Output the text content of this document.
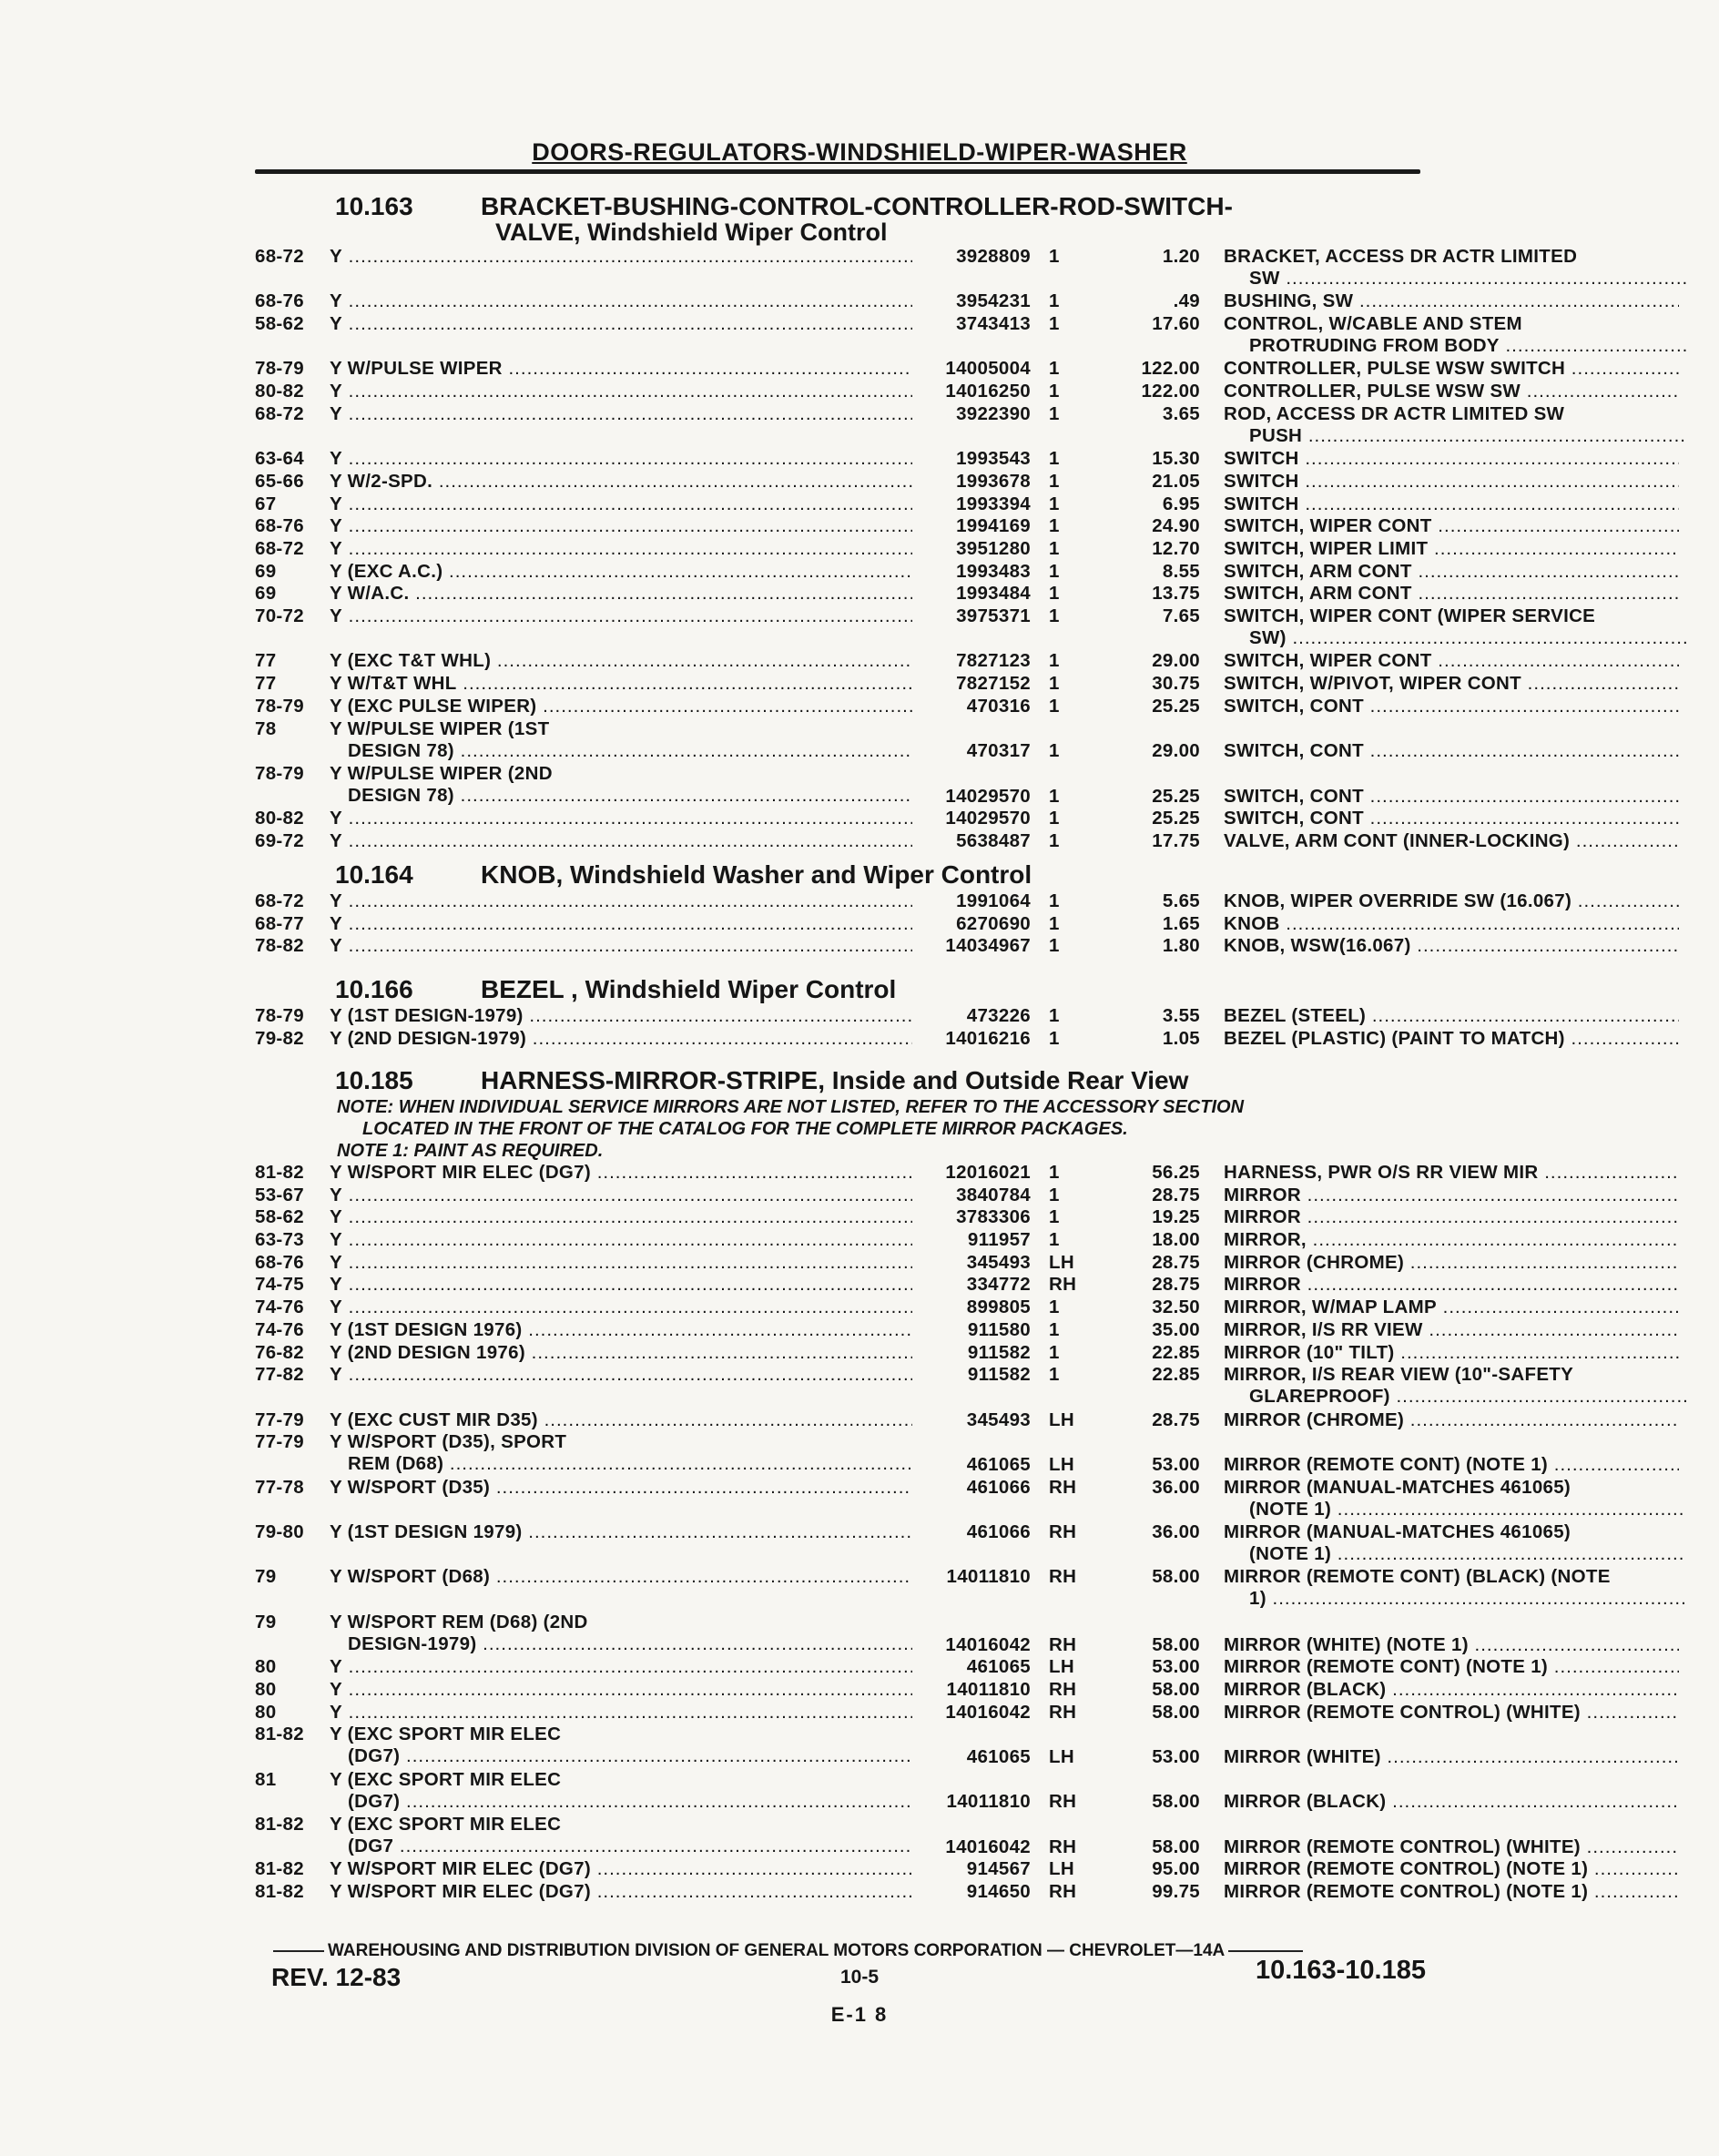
DOORS-REGULATORS-WINDSHIELD-WIPER-WASHER
10.163	BRACKET-BUSHING-CONTROL-CONTROLLER-ROD-SWITCH-
VALVE, Windshield Wiper Control
68-72	Y .....	3928809 1	1.20 BRACKET, ACCESS DR ACTR LIMITED
SW .....
68-76	Y .....	3954231 1	.49 BUSHING, SW .....
58-62	Y .....	3743413 1	17.60 CONTROL, W/CABLE AND STEM
PROTRUDING FROM BODY .....
78-79	Y W/PULSE WIPER .....	14005004 1	122.00 CONTROLLER, PULSE WSW SWITCH .....
80-82	Y .....	14016250 1	122.00 CONTROLLER, PULSE WSW SW .....
68-72	Y .....	3922390 1	3.65 ROD, ACCESS DR ACTR LIMITED SW
PUSH .....
63-64	Y .....	1993543 1	15.30 SWITCH .....
65-66	Y W/2-SPD. .....	1993678 1	21.05 SWITCH .....
67	Y .....	1993394 1	6.95 SWITCH .....
68-76	Y .....	1994169 1	24.90 SWITCH, WIPER CONT .....
68-72	Y .....	3951280 1	12.70 SWITCH, WIPER LIMIT .....
69	Y (EXC A.C.) .....	1993483 1	8.55 SWITCH, ARM CONT .....
69	Y W/A.C. .....	1993484 1	13.75 SWITCH, ARM CONT .....
70-72	Y .....	3975371 1	7.65 SWITCH, WIPER CONT (WIPER SERVICE
SW) .....
77	Y (EXC T&T WHL) .....	7827123 1	29.00 SWITCH, WIPER CONT .....
77	Y W/T&T WHL .....	7827152 1	30.75 SWITCH, W/PIVOT, WIPER CONT .....
78-79	Y (EXC PULSE WIPER) .....	470316 1	25.25 SWITCH, CONT .....
78	Y W/PULSE WIPER (1ST
DESIGN 78) .....	470317 1	29.00 SWITCH, CONT .....
78-79	Y W/PULSE WIPER (2ND
DESIGN 78) .....	14029570 1	25.25 SWITCH, CONT .....
80-82	Y .....	14029570 1	25.25 SWITCH, CONT .....
69-72	Y .....	5638487 1	17.75 VALVE, ARM CONT (INNER-LOCKING) .....
10.164	KNOB, Windshield Washer and Wiper Control
68-72	Y .....	1991064 1	5.65 KNOB, WIPER OVERRIDE SW (16.067) .....
68-77	Y .....	6270690 1	1.65 KNOB .....
78-82	Y .....	14034967 1	1.80 KNOB, WSW(16.067) .....
10.166	BEZEL , Windshield Wiper Control
78-79	Y (1ST DESIGN-1979) .....	473226 1	3.55 BEZEL (STEEL) .....
79-82	Y (2ND DESIGN-1979) .....	14016216 1	1.05 BEZEL (PLASTIC) (PAINT TO MATCH) .....
10.185	HARNESS-MIRROR-STRIPE, Inside and Outside Rear View
NOTE: WHEN INDIVIDUAL SERVICE MIRRORS ARE NOT LISTED, REFER TO THE ACCESSORY SECTION
LOCATED IN THE FRONT OF THE CATALOG FOR THE COMPLETE MIRROR PACKAGES.
NOTE 1: PAINT AS REQUIRED.
81-82	Y W/SPORT MIR ELEC (DG7) .....	12016021 1	56.25 HARNESS, PWR O/S RR VIEW MIR .....
53-67	Y .....	3840784 1	28.75 MIRROR .....
58-62	Y .....	3783306 1	19.25 MIRROR .....
63-73	Y .....	911957 1	18.00 MIRROR, .....
68-76	Y .....	345493 LH	28.75 MIRROR (CHROME) .....
74-75	Y .....	334772 RH	28.75 MIRROR .....
74-76	Y .....	899805 1	32.50 MIRROR, W/MAP LAMP .....
74-76	Y (1ST DESIGN 1976) .....	911580 1	35.00 MIRROR, I/S RR VIEW .....
76-82	Y (2ND DESIGN 1976) .....	911582 1	22.85 MIRROR (10" TILT) .....
77-82	Y .....	911582 1	22.85 MIRROR, I/S REAR VIEW (10"-SAFETY
GLAREPROOF) .....
77-79	Y (EXC CUST MIR D35) .....	345493 LH	28.75 MIRROR (CHROME) .....
77-79	Y W/SPORT (D35), SPORT
REM (D68) .....	461065 LH	53.00 MIRROR (REMOTE CONT) (NOTE 1) .....
77-78	Y W/SPORT (D35) .....	461066 RH	36.00 MIRROR (MANUAL-MATCHES 461065)
(NOTE 1) .....
79-80	Y (1ST DESIGN 1979) .....	461066 RH	36.00 MIRROR (MANUAL-MATCHES 461065)
(NOTE 1) .....
79	Y W/SPORT (D68) .....	14011810 RH	58.00 MIRROR (REMOTE CONT) (BLACK) (NOTE
1) .....
79	Y W/SPORT REM (D68) (2ND
DESIGN-1979) .....	14016042 RH	58.00 MIRROR (WHITE) (NOTE 1) .....
80	Y .....	461065 LH	53.00 MIRROR (REMOTE CONT) (NOTE 1) .....
80	Y .....	14011810 RH	58.00 MIRROR (BLACK) .....
80	Y .....	14016042 RH	58.00 MIRROR (REMOTE CONTROL) (WHITE) .....
81-82	Y (EXC SPORT MIR ELEC
(DG7) .....	461065 LH	53.00 MIRROR (WHITE) .....
81	Y (EXC SPORT MIR ELEC
(DG7) .....	14011810 RH	58.00 MIRROR (BLACK) .....
81-82	Y (EXC SPORT MIR ELEC
(DG7 .....	14016042 RH	58.00 MIRROR (REMOTE CONTROL) (WHITE) .....
81-82	Y W/SPORT MIR ELEC (DG7) .....	914567 LH	95.00 MIRROR (REMOTE CONTROL) (NOTE 1) .....
81-82	Y W/SPORT MIR ELEC (DG7) .....	914650 RH	99.75 MIRROR (REMOTE CONTROL) (NOTE 1) .....
WAREHOUSING AND DISTRIBUTION DIVISION OF GENERAL MOTORS CORPORATION — CHEVROLET—14A
REV. 12-83	10-5	10.163-10.185
E-1 8
